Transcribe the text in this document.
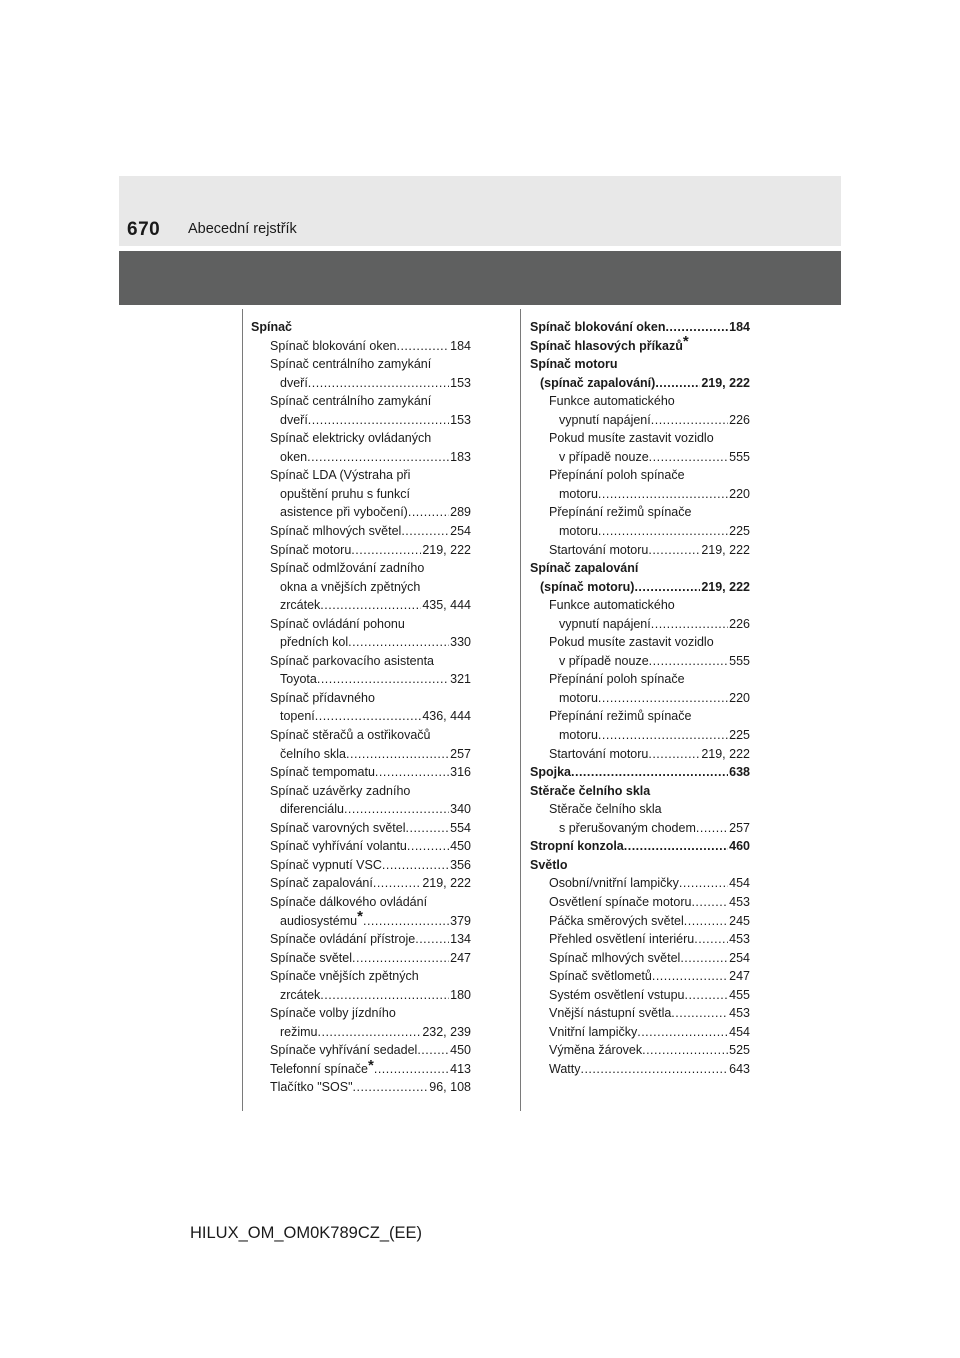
670 Abecední rejstřík
Spínač
Spínač blokování oken .....	184
Spínač centrálního zamykání
dveří .....	153
Spínač centrálního zamykání
dveří .....	153
Spínač elektricky ovládaných
oken .....	183
Spínač LDA (Výstraha při
opuštění pruhu s funkcí
asistence při vybočení) .....	289
Spínač mlhových světel .....	254
Spínač motoru .....	219, 222
Spínač odmlžování zadního
okna a vnějších zpětných
zrcátek .....	435, 444
Spínač ovládání pohonu
předních kol .....	330
Spínač parkovacího asistenta
Toyota .....	321
Spínač přídavného
topení .....	436, 444
Spínač stěračů a ostřikovačů
čelního skla .....	257
Spínač tempomatu .....	316
Spínač uzávěrky zadního
diferenciálu .....	340
Spínač varovných světel .....	554
Spínač vyhřívání volantu .....	450
Spínač vypnutí VSC .....	356
Spínač zapalování .....	219, 222
Spínače dálkového ovládání
audiosystému* .....	379
Spínače ovládání přístroje .....	134
Spínače světel .....	247
Spínače vnějších zpětných
zrcátek .....	180
Spínače volby jízdního
režimu .....	232, 239
Spínače vyhřívání sedadel .....	450
Telefonní spínače* .....	413
Tlačítko "SOS" .....	96, 108
Spínač blokování oken .....	184
Spínač hlasových příkazů*
Spínač motoru
(spínač zapalování) .....	219, 222
Funkce automatického
vypnutí napájení .....	226
Pokud musíte zastavit vozidlo
v případě nouze .....	555
Přepínání poloh spínače
motoru .....	220
Přepínání režimů spínače
motoru .....	225
Startování motoru .....	219, 222
Spínač zapalování
(spínač motoru) .....	219, 222
Funkce automatického
vypnutí napájení .....	226
Pokud musíte zastavit vozidlo
v případě nouze .....	555
Přepínání poloh spínače
motoru .....	220
Přepínání režimů spínače
motoru .....	225
Startování motoru .....	219, 222
Spojka .....	638
Stěrače čelního skla
Stěrače čelního skla
s přerušovaným chodem .....	257
Stropní konzola .....	460
Světlo
Osobní/vnitřní lampičky .....	454
Osvětlení spínače motoru .....	453
Páčka směrových světel .....	245
Přehled osvětlení interiéru .....	453
Spínač mlhových světel .....	254
Spínač světlometů .....	247
Systém osvětlení vstupu .....	455
Vnější nástupní světla .....	453
Vnitřní lampičky .....	454
Výměna žárovek .....	525
Watty .....	643
HILUX_OM_OM0K789CZ_(EE)
